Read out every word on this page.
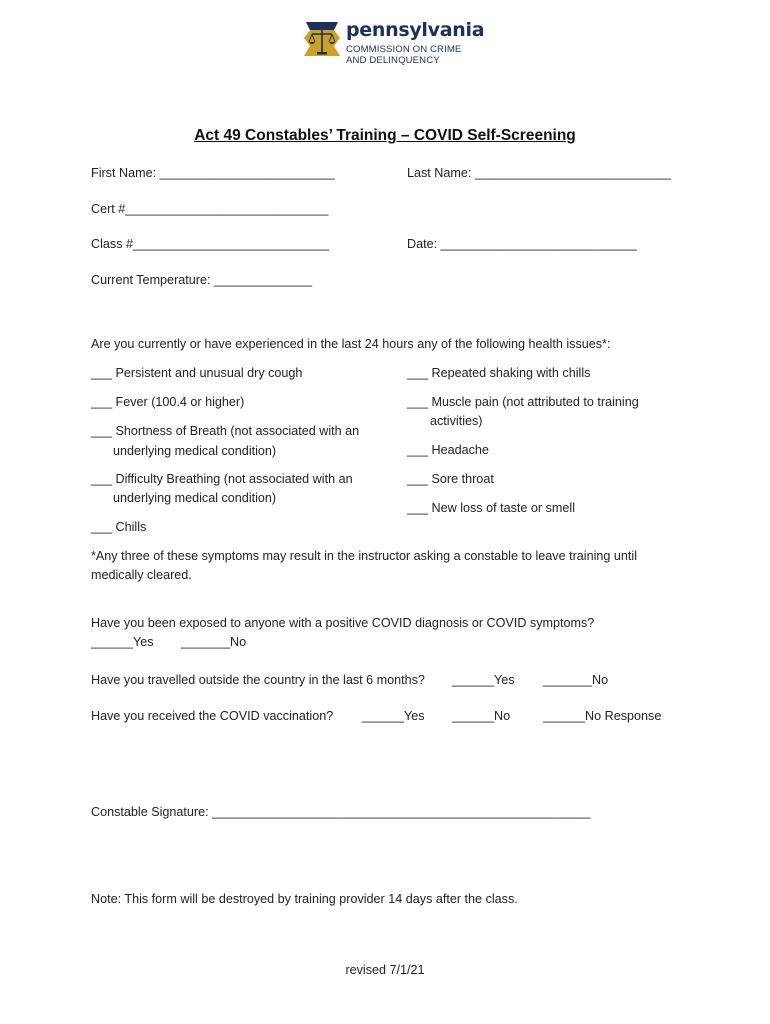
pennsylvania
COMMISSION ON CRIME
AND DELINQUENCY
Act 49 Constables’ Training – COVID Self-Screening
First Name: _________________________	Last Name: ____________________________
Cert #_____________________________
Class #____________________________	Date: ____________________________
Current Temperature: ______________
Are you currently or have experienced in the last 24 hours any of the following health issues*:
___ Persistent and unusual dry cough
___ Fever (100.4 or higher)
___ Shortness of Breath (not associated with an
underlying medical condition)
___ Difficulty Breathing (not associated with an
underlying medical condition)
___ Chills
___ Repeated shaking with chills
___ Muscle pain (not attributed to training
activities)
___ Headache
___ Sore throat
___ New loss of taste or smell
*Any three of these symptoms may result in the instructor asking a constable to leave training until
medically cleared.
Have you been exposed to anyone with a positive COVID diagnosis or COVID symptoms?
______Yes _______No
Have you travelled outside the country in the last 6 months? ______Yes _______No
Have you received the COVID vaccination? ______Yes ______No	______No Response
Constable Signature: ______________________________________________________
Note: This form will be destroyed by training provider 14 days after the class.
revised 7/1/21
